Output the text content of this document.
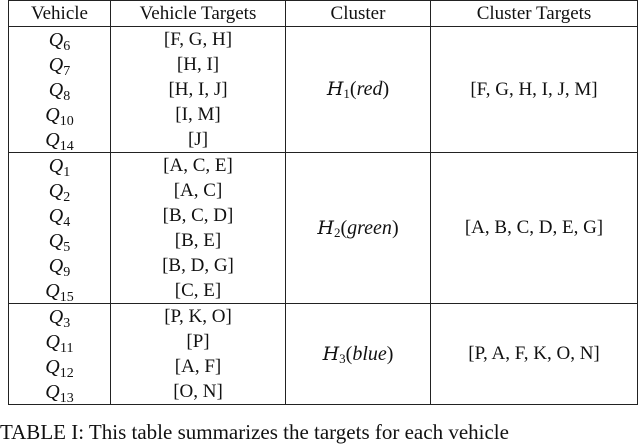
Vehicle	Vehicle Targets	Cluster	Cluster Targets
$Q_6$	[F, G, H]	$H_1(red)$	[F, G, H, I, J, M]
$Q_7$	[H, I]		
$Q_8$	[H, I, J]		
$Q_{10}$	[I, M]		
$Q_{14}$	[J]		
$Q_1$	[A, C, E]	$H_2(green)$	[A, B, C, D, E, G]
$Q_2$	[A, C]		
$Q_4$	[B, C, D]		
$Q_5$	[B, E]		
$Q_9$	[B, D, G]		
$Q_{15}$	[C, E]		
$Q_3$	[P, K, O]	$H_3(blue)$	[P, A, F, K, O, N]
$Q_{11}$	[P]		
$Q_{12}$	[A, F]		
$Q_{13}$	[O, N]		
TABLE I: This table summarizes the targets for each vehicle
